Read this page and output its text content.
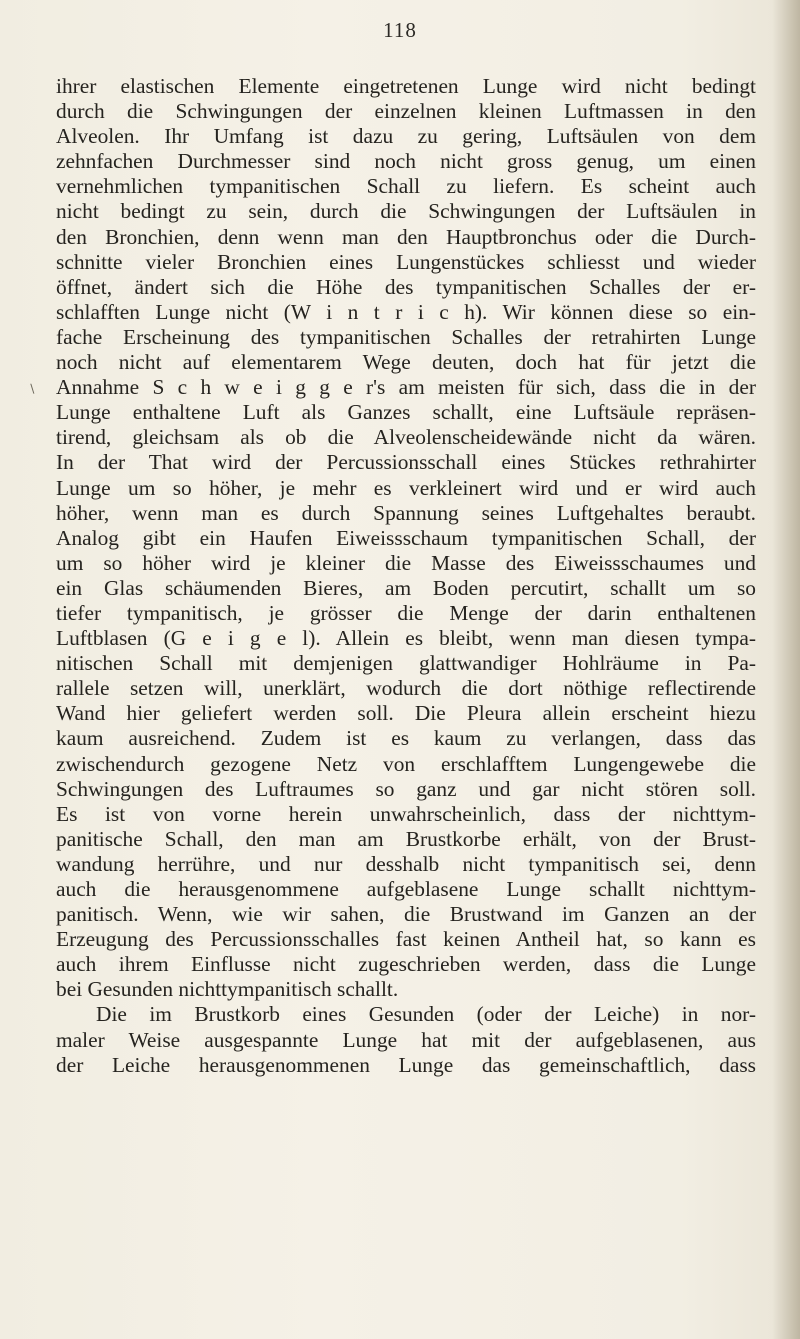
118
∖
ihrer elastischen Elemente eingetretenen Lunge wird nicht bedingt
durch die Schwingungen der einzelnen kleinen Luftmassen in den
Alveolen. Ihr Umfang ist dazu zu gering, Luftsäulen von dem
zehnfachen Durchmesser sind noch nicht gross genug, um einen
vernehmlichen tympanitischen Schall zu liefern. Es scheint auch
nicht bedingt zu sein, durch die Schwingungen der Luftsäulen in
den Bronchien, denn wenn man den Hauptbronchus oder die Durch-
schnitte vieler Bronchien eines Lungenstückes schliesst und wieder
öffnet, ändert sich die Höhe des tympanitischen Schalles der er-
schlafften Lunge nicht (W i n t r i c h). Wir können diese so ein-
fache Erscheinung des tympanitischen Schalles der retrahirten Lunge
noch nicht auf elementarem Wege deuten, doch hat für jetzt die
Annahme S c h w e i g g e r's am meisten für sich, dass die in der
Lunge enthaltene Luft als Ganzes schallt, eine Luftsäule repräsen-
tirend, gleichsam als ob die Alveolenscheidewände nicht da wären.
In der That wird der Percussionsschall eines Stückes rethrahirter
Lunge um so höher, je mehr es verkleinert wird und er wird auch
höher, wenn man es durch Spannung seines Luftgehaltes beraubt.
Analog gibt ein Haufen Eiweissschaum tympanitischen Schall, der
um so höher wird je kleiner die Masse des Eiweissschaumes und
ein Glas schäumenden Bieres, am Boden percutirt, schallt um so
tiefer tympanitisch, je grösser die Menge der darin enthaltenen
Luftblasen (G e i g e l). Allein es bleibt, wenn man diesen tympa-
nitischen Schall mit demjenigen glattwandiger Hohlräume in Pa-
rallele setzen will, unerklärt, wodurch die dort nöthige reflectirende
Wand hier geliefert werden soll. Die Pleura allein erscheint hiezu
kaum ausreichend. Zudem ist es kaum zu verlangen, dass das
zwischendurch gezogene Netz von erschlafftem Lungengewebe die
Schwingungen des Luftraumes so ganz und gar nicht stören soll.
Es ist von vorne herein unwahrscheinlich, dass der nichttym-
panitische Schall, den man am Brustkorbe erhält, von der Brust-
wandung herrühre, und nur desshalb nicht tympanitisch sei, denn
auch die herausgenommene aufgeblasene Lunge schallt nichttym-
panitisch. Wenn, wie wir sahen, die Brustwand im Ganzen an der
Erzeugung des Percussionsschalles fast keinen Antheil hat, so kann es
auch ihrem Einflusse nicht zugeschrieben werden, dass die Lunge
bei Gesunden nichttympanitisch schallt.
Die im Brustkorb eines Gesunden (oder der Leiche) in nor-
maler Weise ausgespannte Lunge hat mit der aufgeblasenen, aus
der Leiche herausgenommenen Lunge das gemeinschaftlich, dass
